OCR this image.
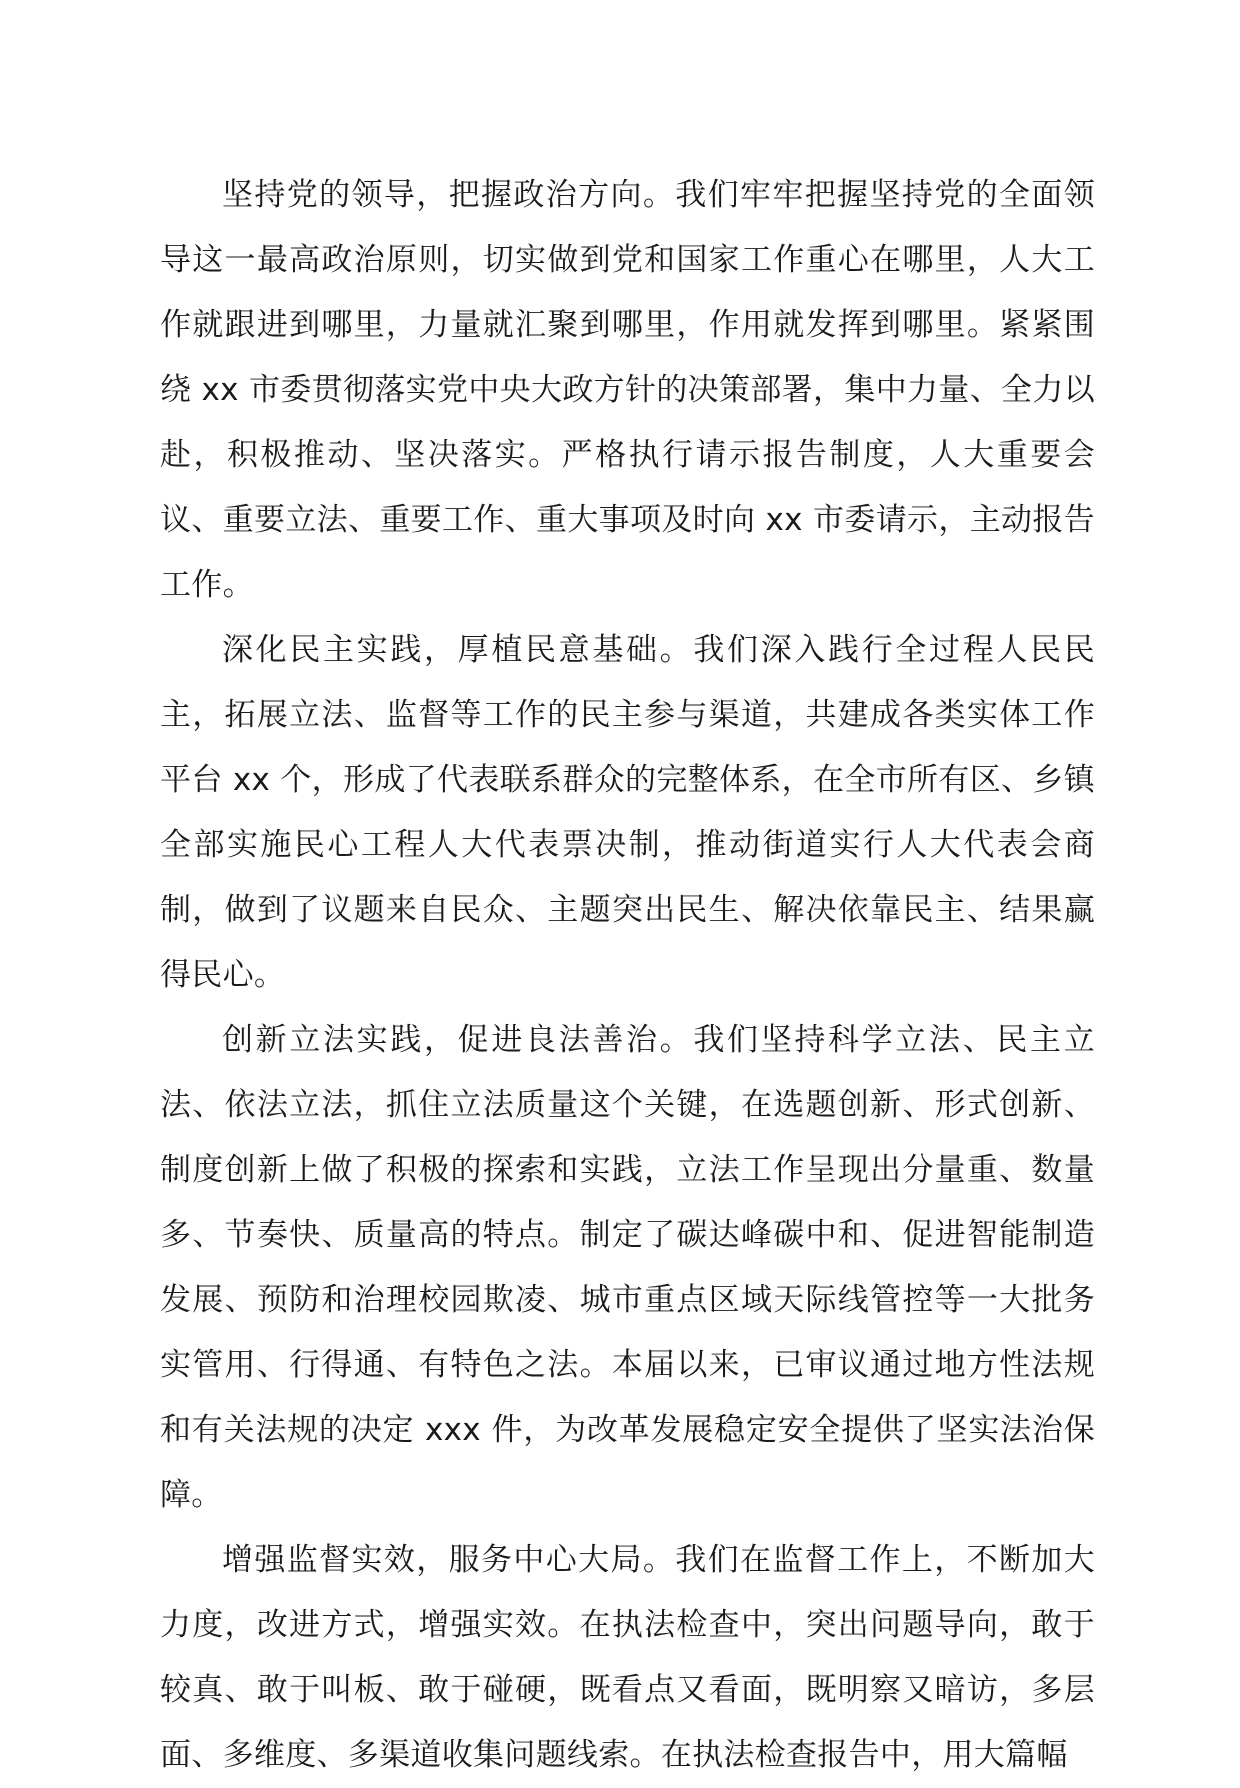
坚持党的领导，把握政治方向。我们牢牢把握坚持党的全面领导这一最高政治原则，切实做到党和国家工作重心在哪里，人大工作就跟进到哪里，力量就汇聚到哪里，作用就发挥到哪里。紧紧围绕 xx 市委贯彻落实党中央大政方针的决策部署，集中力量、全力以赴，积极推动、坚决落实。严格执行请示报告制度，人大重要会议、重要立法、重要工作、重大事项及时向 xx 市委请示，主动报告工作。

深化民主实践，厚植民意基础。我们深入践行全过程人民民主，拓展立法、监督等工作的民主参与渠道，共建成各类实体工作平台 xx 个，形成了代表联系群众的完整体系，在全市所有区、乡镇全部实施民心工程人大代表票决制，推动街道实行人大代表会商制，做到了议题来自民众、主题突出民生、解决依靠民主、结果赢得民心。

创新立法实践，促进良法善治。我们坚持科学立法、民主立法、依法立法，抓住立法质量这个关键，在选题创新、形式创新、制度创新上做了积极的探索和实践，立法工作呈现出分量重、数量多、节奏快、质量高的特点。制定了碳达峰碳中和、促进智能制造发展、预防和治理校园欺凌、城市重点区域天际线管控等一大批务实管用、行得通、有特色之法。本届以来，已审议通过地方性法规和有关法规的决定 xxx 件，为改革发展稳定安全提供了坚实法治保障。

增强监督实效，服务中心大局。我们在监督工作上，不断加大力度，改进方式，增强实效。在执法检查中，突出问题导向，敢于较真、敢于叫板、敢于碰硬，既看点又看面，既明察又暗访，多层面、多维度、多渠道收集问题线索。在执法检查报告中，用大篇幅
